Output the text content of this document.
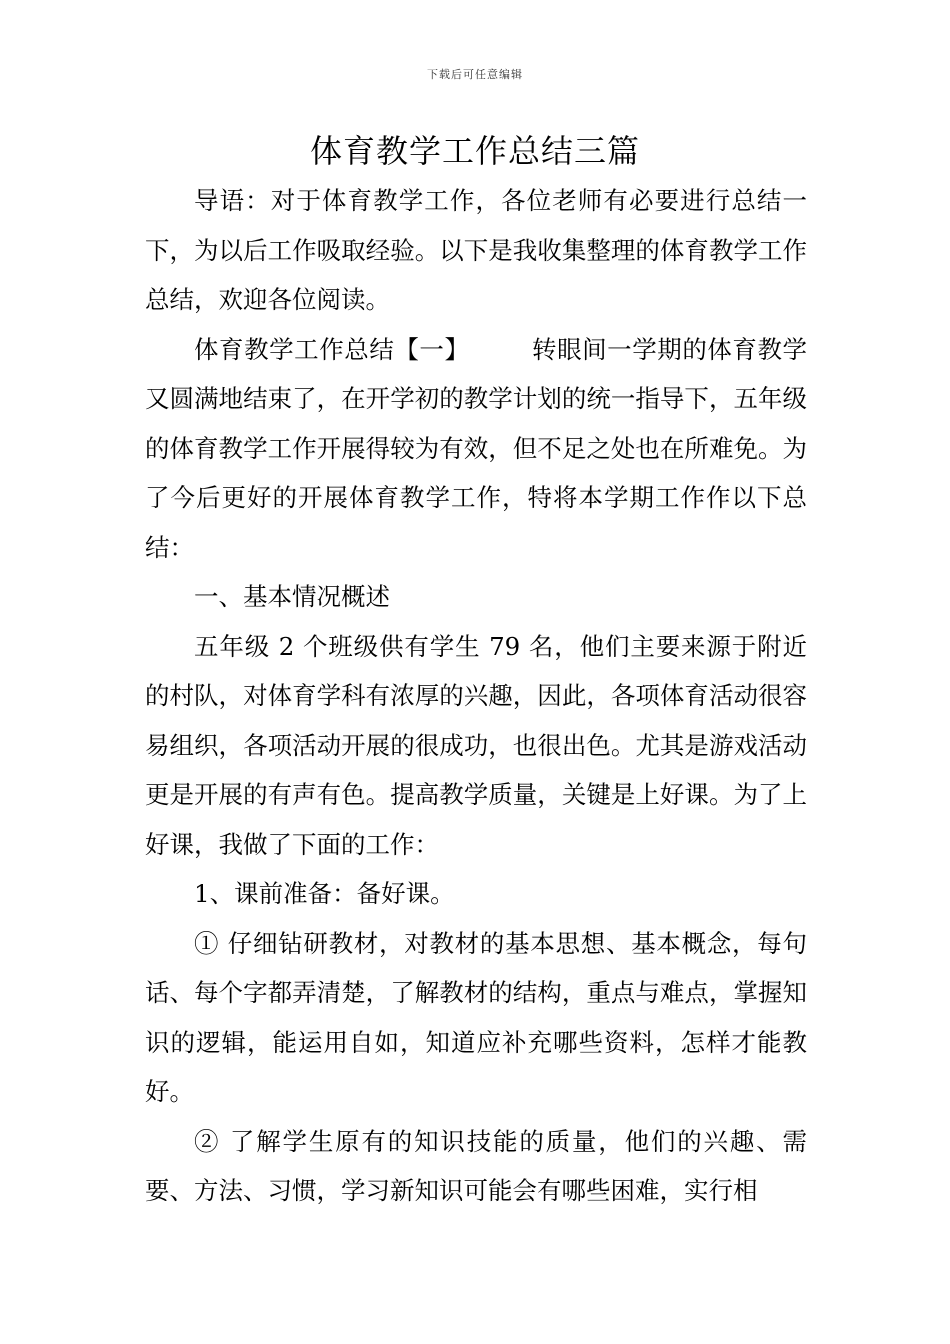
下载后可任意编辑
体育教学工作总结三篇

导语：对于体育教学工作，各位老师有必要进行总结一下，为以后工作吸取经验。以下是我收集整理的体育教学工作总结，欢迎各位阅读。

体育教学工作总结【一】	转眼间一学期的体育教学又圆满地结束了，在开学初的教学计划的统一指导下，五年级的体育教学工作开展得较为有效，但不足之处也在所难免。为了今后更好的开展体育教学工作，特将本学期工作作以下总结：

一、基本情况概述

五年级 2 个班级供有学生 79 名，他们主要来源于附近的村队，对体育学科有浓厚的兴趣，因此，各项体育活动很容易组织，各项活动开展的很成功，也很出色。尤其是游戏活动更是开展的有声有色。提高教学质量，关键是上好课。为了上好课，我做了下面的工作：

1、课前准备：备好课。

① 仔细钻研教材，对教材的基本思想、基本概念，每句话、每个字都弄清楚，了解教材的结构，重点与难点，掌握知识的逻辑，能运用自如，知道应补充哪些资料，怎样才能教好。

② 了解学生原有的知识技能的质量，他们的兴趣、需要、方法、习惯，学习新知识可能会有哪些困难，实行相
